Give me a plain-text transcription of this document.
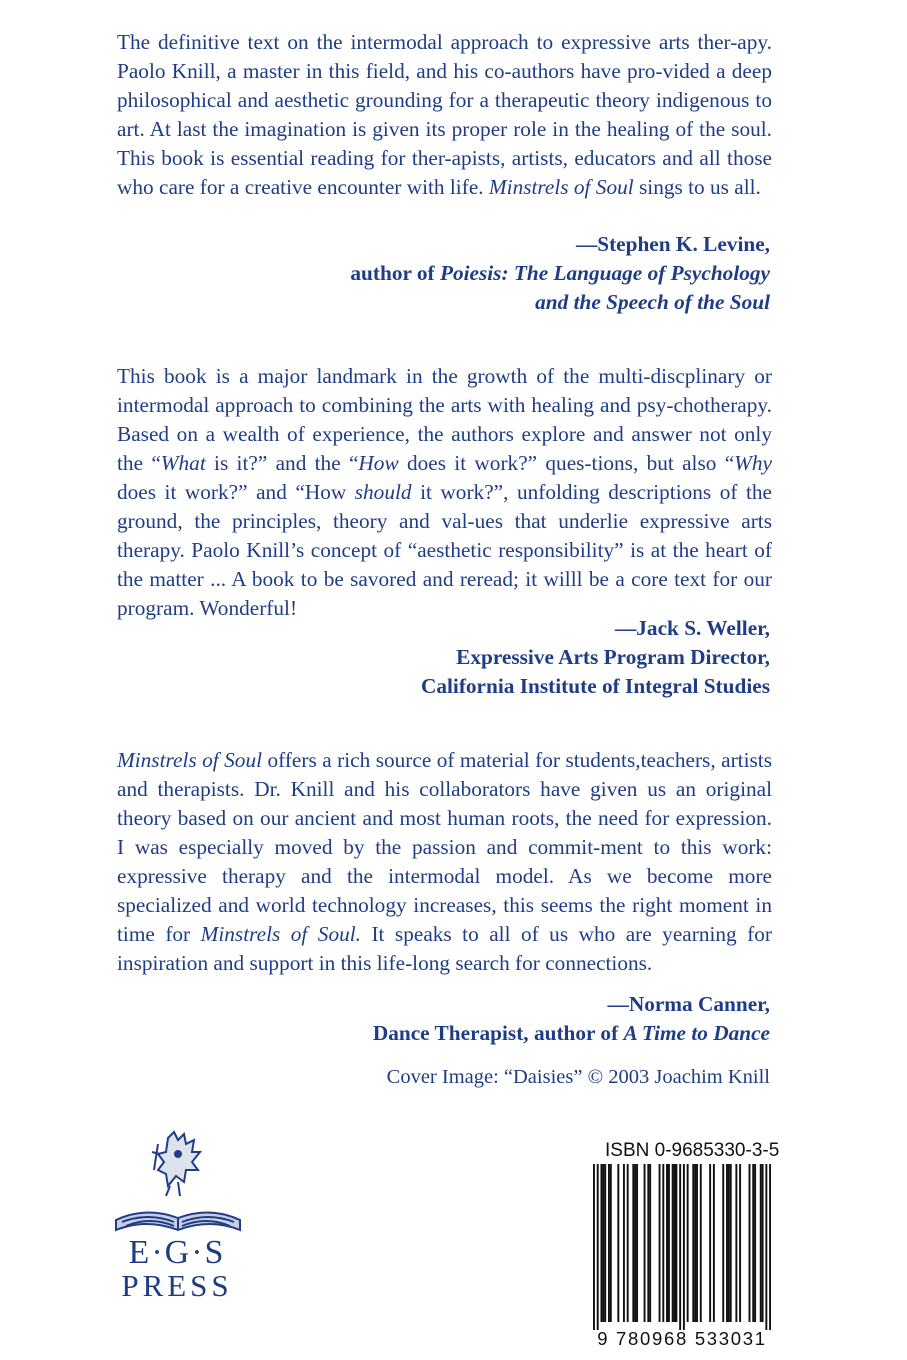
The definitive text on the intermodal approach to expressive arts ther-apy. Paolo Knill, a master in this field, and his co-authors have pro-vided a deep philosophical and aesthetic grounding for a therapeutic theory indigenous to art. At last the imagination is given its proper role in the healing of the soul. This book is essential reading for ther-apists, artists, educators and all those who care for a creative encounter with life. Minstrels of Soul sings to us all.

—Stephen K. Levine,
author of Poiesis: The Language of Psychology
and the Speech of the Soul

This book is a major landmark in the growth of the multi-discplinary or intermodal approach to combining the arts with healing and psy-chotherapy. Based on a wealth of experience, the authors explore and answer not only the “What is it?” and the “How does it work?” ques-tions, but also “Why does it work?” and “How should it work?”, unfolding descriptions of the ground, the principles, theory and val-ues that underlie expressive arts therapy. Paolo Knill’s concept of “aesthetic responsibility” is at the heart of the matter ... A book to be savored and reread; it willl be a core text for our program. Wonderful!

—Jack S. Weller,
Expressive Arts Program Director,
California Institute of Integral Studies

Minstrels of Soul offers a rich source of material for students,teachers, artists and therapists. Dr. Knill and his collaborators have given us an original theory based on our ancient and most human roots, the need for expression. I was especially moved by the passion and commit-ment to this work: expressive therapy and the intermodal model. As we become more specialized and world technology increases, this seems the right moment in time for Minstrels of Soul. It speaks to all of us who are yearning for inspiration and support in this life-long search for connections.

—Norma Canner,
Dance Therapist, author of A Time to Dance
Cover Image: “Daisies” © 2003 Joachim Knill
E·G·S
PRESS
ISBN 0-9685330-3-5
9 780968 533031
